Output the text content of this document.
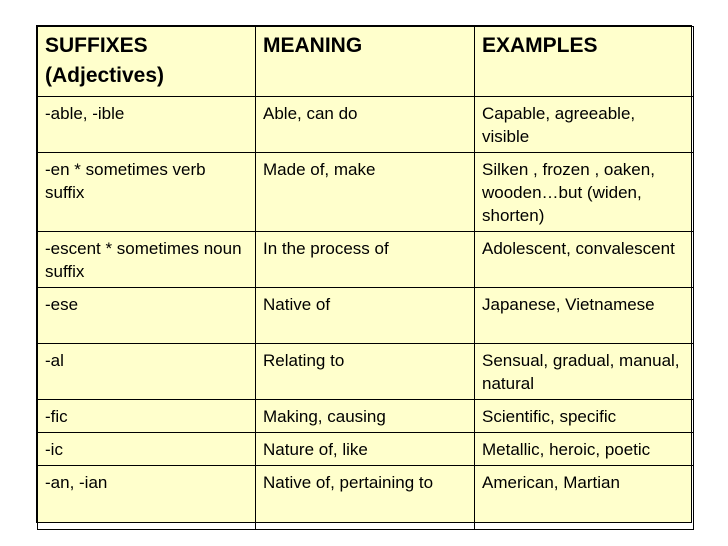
SUFFIXES (Adjectives)	MEANING	EXAMPLES
-able, -ible	Able, can do	Capable, agreeable, visible
-en * sometimes verb suffix	Made of, make	Silken , frozen , oaken, wooden…but (widen, shorten)
-escent * sometimes noun suffix	In the process of	Adolescent, convalescent
-ese	Native of	Japanese, Vietnamese
-al	Relating to	Sensual, gradual, manual, natural
-fic	Making, causing	Scientific, specific
-ic	Nature of, like	Metallic, heroic, poetic
-an, -ian	Native of, pertaining to	American, Martian
